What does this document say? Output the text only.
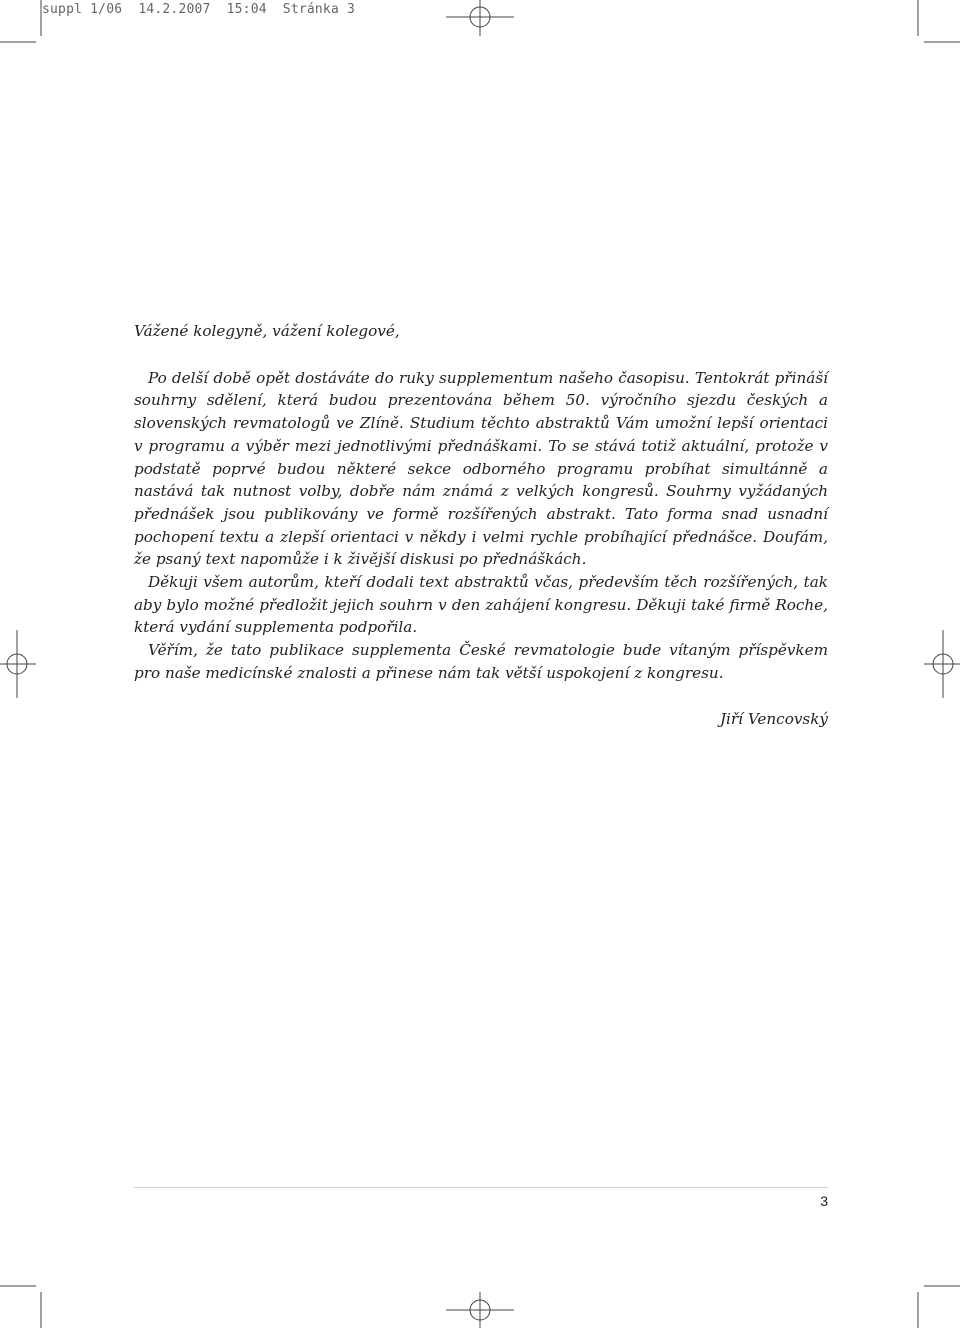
suppl 1/06  14.2.2007  15:04  Stránka 3

Vážené kolegyně, vážení kolegové,

Po delší době opět dostáváte do ruky supplementum našeho časopisu. Tentokrát přináší souhrny sdělení, která budou prezentována během 50. výročního sjezdu českých a slovenských revmatologů ve Zlíně. Studium těchto abstraktů Vám umožní lepší orientaci v programu a výběr mezi jednotlivými přednáškami. To se stává totiž aktuální, protože v podstatě poprvé budou některé sekce odborného programu probíhat simultánně a nastává tak nutnost volby, dobře nám známá z velkých kongresů. Souhrny vyžádaných přednášek jsou publikovány ve formě rozšířených abstrakt. Tato forma snad usnadní pochopení textu a zlepší orientaci v někdy i velmi rychle probíhající přednášce. Doufám, že psaný text napomůže i k živější diskusi po přednáškách.

Děkuji všem autorům, kteří dodali text abstraktů včas, především těch rozšířených, tak aby bylo možné předložit jejich souhrn v den zahájení kongresu. Děkuji také firmě Roche, která vydání supplementa podpořila.

Věřím, že tato publikace supplementa České revmatologie bude vítaným příspěvkem pro naše medicínské znalosti a přinese nám tak větší uspokojení z kongresu.

Jiří Vencovský

3
